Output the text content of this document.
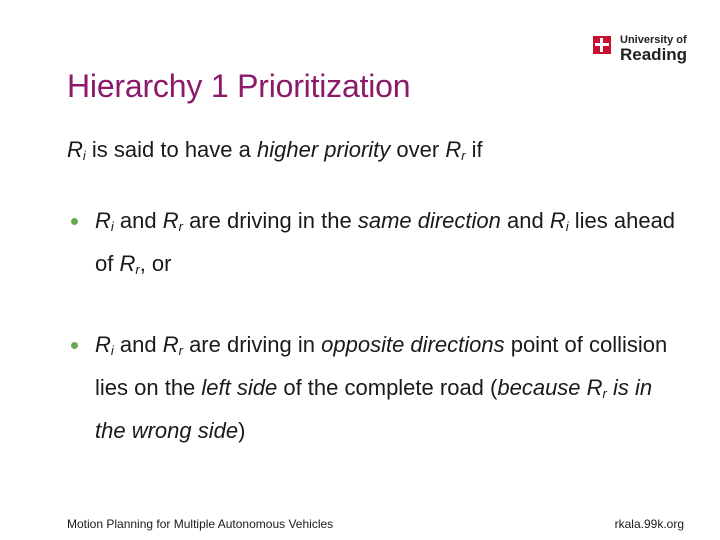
University of
Reading
Hierarchy 1 Prioritization
$R_i$ is said to have a higher priority over $R_r$ if
$R_i$ and $R_r$ are driving in the same direction and $R_i$ lies ahead of $R_r$, or
$R_i$ and $R_r$ are driving in opposite directions point of collision lies on the left side of the complete road (because $R_r$ is in the wrong side)
Motion Planning for Multiple Autonomous Vehicles	rkala.99k.org
